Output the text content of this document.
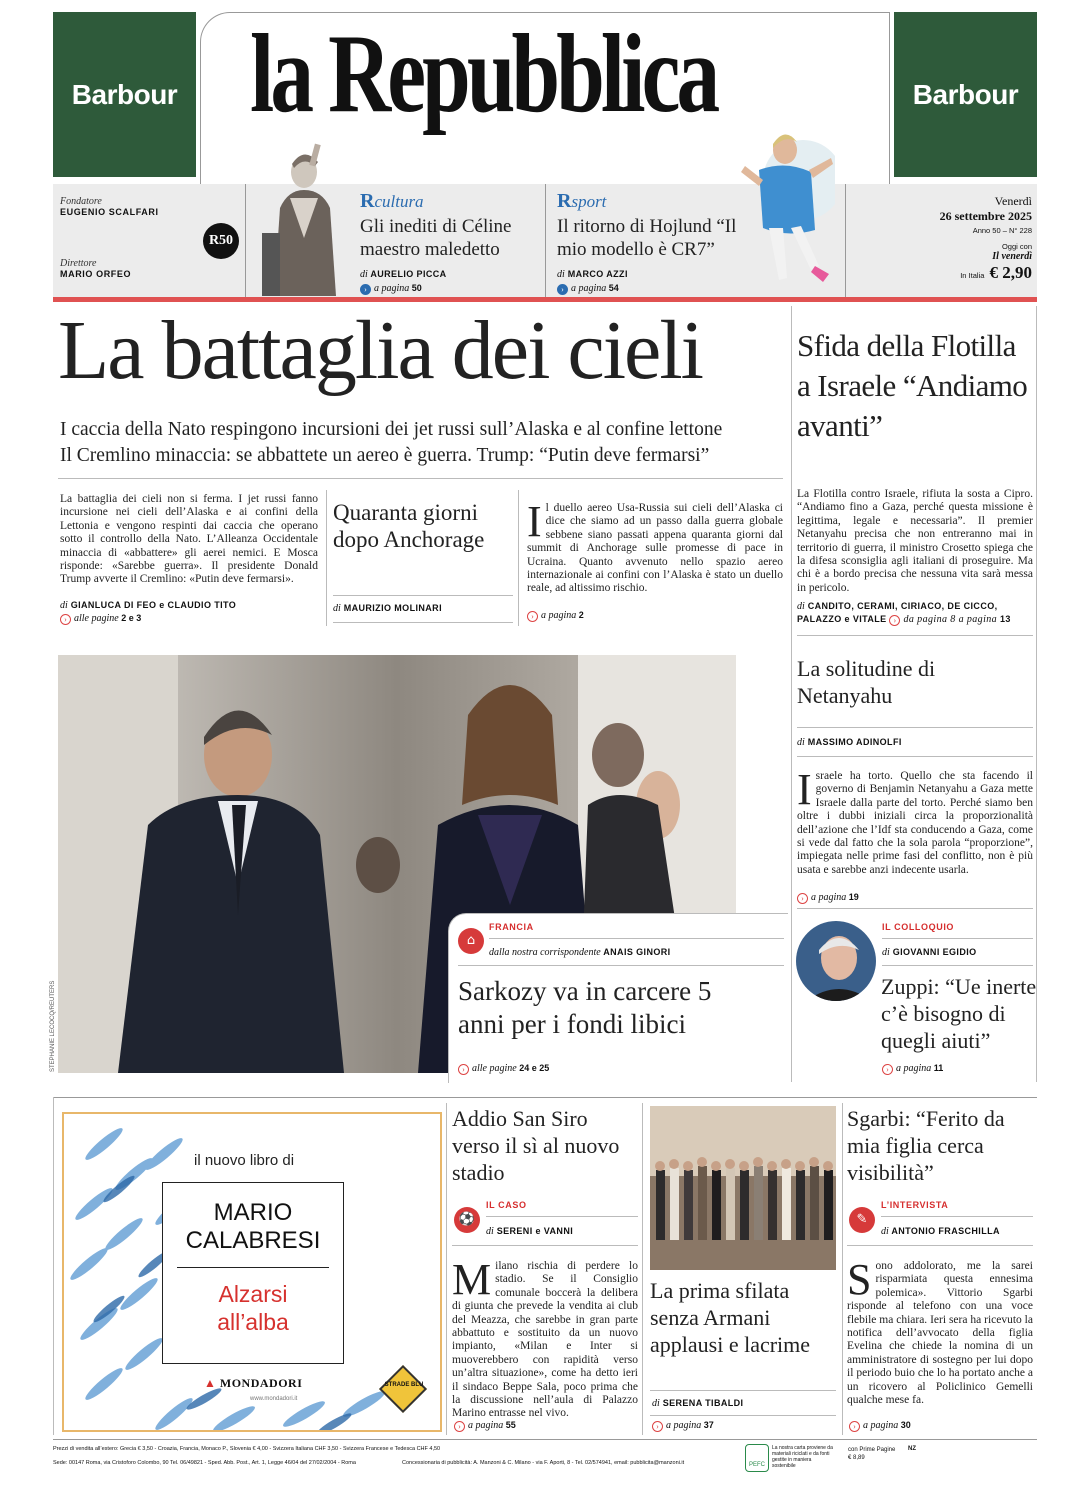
Barbour	Barbour
la Repubblica
Fondatore
EUGENIO SCALFARI
Direttore
MARIO ORFEO
R50
Rcultura
Gli inediti di Céline maestro maledetto
di AURELIO PICCA
› a pagina 50
Rsport
Il ritorno di Hojlund “Il mio modello è CR7”
di MARCO AZZI
› a pagina 54
Venerdì
26 settembre 2025
Anno 50 – N° 228
Oggi con
Il venerdì
In Italia € 2,90
La battaglia dei cieli
I caccia della Nato respingono incursioni dei jet russi sull’Alaska e al confine lettone
Il Cremlino minaccia: se abbattete un aereo è guerra. Trump: “Putin deve fermarsi”
La battaglia dei cieli non si ferma. I jet russi fanno incursione nei cieli dell’Alaska e ai confini della Lettonia e vengono respinti dai caccia che operano sotto il controllo della Nato. L’Alleanza Occidentale minaccia di «abbattere» gli aerei nemici. E Mosca risponde: «Sarebbe guerra». Il presidente Donald Trump avverte il Cremlino: «Putin deve fermarsi».
di GIANLUCA DI FEO e CLAUDIO TITO
› alle pagine 2 e 3
Quaranta giorni dopo Anchorage
di MAURIZIO MOLINARI
Il duello aereo Usa-Russia sui cieli dell’Alaska ci dice che siamo ad un passo dalla guerra globale sebbene siano passati appena quaranta giorni dal summit di Anchorage sulle promesse di pace in Ucraina. Quanto avvenuto nello spazio aereo internazionale ai confini con l’Alaska è stato un duello reale, ad altissimo rischio.
› a pagina 2
Sfida della Flotilla a Israele “Andiamo avanti”
La Flotilla contro Israele, rifiuta la sosta a Cipro. “Andiamo fino a Gaza, perché questa missione è legittima, legale e necessaria”. Il premier Netanyahu precisa che non entreranno mai in territorio di guerra, il ministro Crosetto spiega che la difesa sconsiglia agli italiani di proseguire. Ma chi è a bordo precisa che nessuna vita sarà messa in pericolo.
di CANDITO, CERAMI, CIRIACO, DE CICCO, PALAZZO e VITALE › da pagina 8 a pagina 13
La solitudine di Netanyahu
di MASSIMO ADINOLFI
Israele ha torto. Quello che sta facendo il governo di Benjamin Netanyahu a Gaza mette Israele dalla parte del torto. Perché siamo ben oltre i dubbi iniziali circa la proporzionalità dell’azione che l’Idf sta conducendo a Gaza, come si vede dal fatto che la sola parola “proporzione”, impiegata nelle prime fasi del conflitto, non è più usata e sarebbe anzi indecente usarla.
› a pagina 19
STEPHANIE LECOCQ/REUTERS
⌂
FRANCIA
dalla nostra corrispondente ANAIS GINORI
Sarkozy va in carcere 5 anni per i fondi libici
› alle pagine 24 e 25
IL COLLOQUIO
di GIOVANNI EGIDIO
Zuppi: “Ue inerte c’è bisogno di quegli aiuti”
› a pagina 11
il nuovo libro di
MARIO
CALABRESI
Alzarsi
all’alba
▲ MONDADORI
www.mondadori.it
STRADE BLU
Addio San Siro verso il sì al nuovo stadio
⚽
IL CASO
di SERENI e VANNI
Milano rischia di perdere lo stadio. Se il Consiglio comunale boccerà la delibera di giunta che prevede la vendita ai club del Meazza, che sarebbe in gran parte abbattuto e sostituito da un nuovo impianto, «Milan e Inter si muoverebbero con rapidità verso un’altra situazione», come ha detto ieri il sindaco Beppe Sala, poco prima che la discussione nell’aula di Palazzo Marino entrasse nel vivo.
› a pagina 55
La prima sfilata senza Armani applausi e lacrime
di SERENA TIBALDI
› a pagina 37
Sgarbi: “Ferito da mia figlia cerca visibilità”
✎
L’INTERVISTA
di ANTONIO FRASCHILLA
Sono addolorato, me la sarei risparmiata questa ennesima polemica». Vittorio Sgarbi risponde al telefono con una voce flebile ma chiara. Ieri sera ha ricevuto la notifica dell’avvocato della figlia Evelina che chiede la nomina di un amministratore di sostegno per lui dopo il periodo buio che lo ha portato anche a un ricovero al Policlinico Gemelli qualche mese fa.
› a pagina 30
Prezzi di vendita all’estero: Grecia € 3,50 - Croazia, Francia, Monaco P., Slovenia € 4,00 - Svizzera Italiana CHF 3,50 - Svizzera Francese e Tedesca CHF 4,50
Sede: 00147 Roma, via Cristoforo Colombo, 90 Tel. 06/49821 - Sped. Abb. Post., Art. 1, Legge 46/04 del 27/02/2004 - Roma	Concessionaria di pubblicità: A. Manzoni & C. Milano - via F. Aporti, 8 - Tel. 02/574941, email: pubblicita@manzoni.it	PEFC
La nostra carta proviene da materiali riciclati e da fonti gestite in maniera sostenibile
con Prime Pagine € 8,89
NZ
